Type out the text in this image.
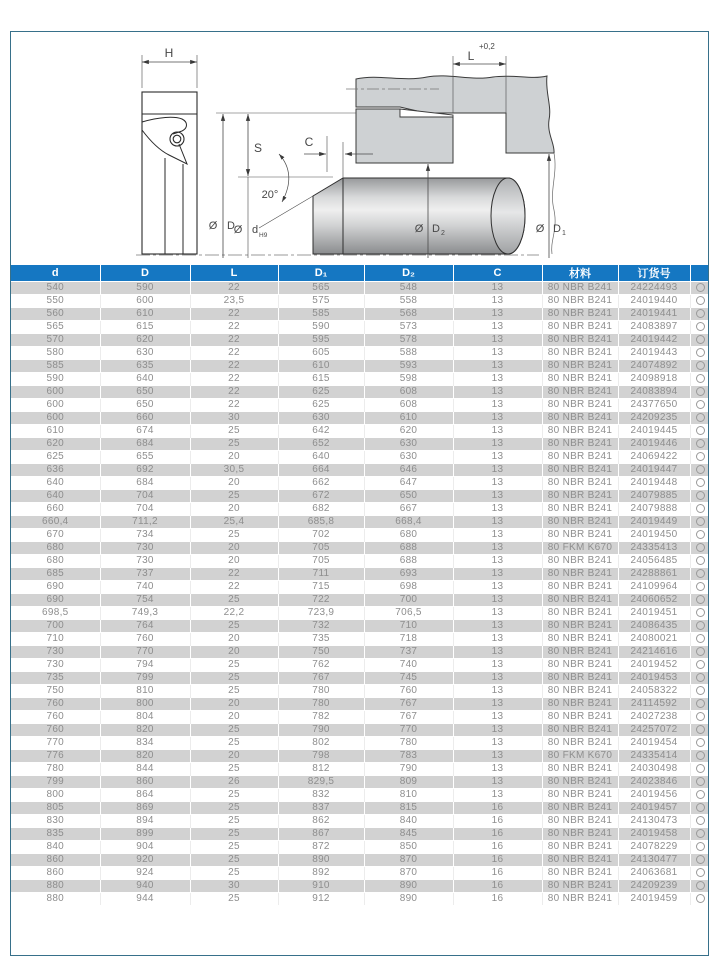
H
S	C
L
+0,2
20°
Ø D
Ø d H9
Ø D 2	Ø D 1
d	D	L	D₁	D₂	C	材料	订货号	
540	590	22	565	548	13	80 NBR B241	24224493	
550	600	23,5	575	558	13	80 NBR B241	24019440	
560	610	22	585	568	13	80 NBR B241	24019441	
565	615	22	590	573	13	80 NBR B241	24083897	
570	620	22	595	578	13	80 NBR B241	24019442	
580	630	22	605	588	13	80 NBR B241	24019443	
585	635	22	610	593	13	80 NBR B241	24074892	
590	640	22	615	598	13	80 NBR B241	24098918	
600	650	22	625	608	13	80 NBR B241	24083894	
600	650	22	625	608	13	80 NBR B241	24377650	
600	660	30	630	610	13	80 NBR B241	24209235	
610	674	25	642	620	13	80 NBR B241	24019445	
620	684	25	652	630	13	80 NBR B241	24019446	
625	655	20	640	630	13	80 NBR B241	24069422	
636	692	30,5	664	646	13	80 NBR B241	24019447	
640	684	20	662	647	13	80 NBR B241	24019448	
640	704	25	672	650	13	80 NBR B241	24079885	
660	704	20	682	667	13	80 NBR B241	24079888	
660,4	711,2	25,4	685,8	668,4	13	80 NBR B241	24019449	
670	734	25	702	680	13	80 NBR B241	24019450	
680	730	20	705	688	13	80 FKM K670	24335413	
680	730	20	705	688	13	80 NBR B241	24056485	
685	737	22	711	693	13	80 NBR B241	24288861	
690	740	22	715	698	13	80 NBR B241	24109964	
690	754	25	722	700	13	80 NBR B241	24060652	
698,5	749,3	22,2	723,9	706,5	13	80 NBR B241	24019451	
700	764	25	732	710	13	80 NBR B241	24086435	
710	760	20	735	718	13	80 NBR B241	24080021	
730	770	20	750	737	13	80 NBR B241	24214616	
730	794	25	762	740	13	80 NBR B241	24019452	
735	799	25	767	745	13	80 NBR B241	24019453	
750	810	25	780	760	13	80 NBR B241	24058322	
760	800	20	780	767	13	80 NBR B241	24114592	
760	804	20	782	767	13	80 NBR B241	24027238	
760	820	25	790	770	13	80 NBR B241	24257072	
770	834	25	802	780	13	80 NBR B241	24019454	
776	820	20	798	783	13	80 FKM K670	24335414	
780	844	25	812	790	13	80 NBR B241	24030498	
799	860	26	829,5	809	13	80 NBR B241	24023846	
800	864	25	832	810	13	80 NBR B241	24019456	
805	869	25	837	815	16	80 NBR B241	24019457	
830	894	25	862	840	16	80 NBR B241	24130473	
835	899	25	867	845	16	80 NBR B241	24019458	
840	904	25	872	850	16	80 NBR B241	24078229	
860	920	25	890	870	16	80 NBR B241	24130477	
860	924	25	892	870	16	80 NBR B241	24063681	
880	940	30	910	890	16	80 NBR B241	24209239	
880	944	25	912	890	16	80 NBR B241	24019459	
